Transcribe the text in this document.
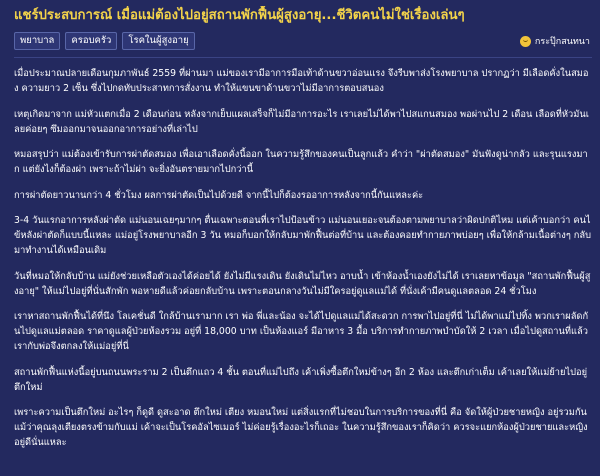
แชร์ประสบการณ์ เมื่อแม่ต้องไปอยู่สถานพักฟื้นผู้สูงอายุ...ชีวิตคนไม่ใช่เรื่องเล่นๆ
พยาบาล	ครอบครัว	โรคในผู้สูงอายุ	กระปุ๊กสนทนา

เมื่อประมาณปลายเดือนกุมภาพันธ์ 2559 ที่ผ่านมา แม่ของเรามีอาการมือเท้าด้านขวาอ่อนแรง จึงรีบพาส่งโรงพยาบาล ปรากฏว่า มีเลือดคั่งในสมอง ความยาว 2 เซ็น ซึ่งไปกดทับประสาทการสั่งงาน ทำให้แขนขาด้านขวาไม่มีอาการตอบสนอง

เหตุเกิดมาจาก แม่หัวแตกเมื่อ 2 เดือนก่อน หลังจากเย็บแผลเสร็จก็ไม่มีอาการอะไร เราเลยไม่ได้พาไปสแกนสมอง พอผ่านไป 2 เดือน เลือดที่หัวมันเลยค่อยๆ ซึมออกมาจนออกอาการอย่างที่เล่าไป

หมอสรุปว่า แม่ต้องเข้ารับการผ่าตัดสมอง เพื่อเอาเลือดคั่งนี้ออก ในความรู้สึกของคนเป็นลูกแล้ว คำว่า "ผ่าตัดสมอง" มันฟังดูน่ากลัว และรุนแรงมาก แต่ยังไงก็ต้องผ่า เพราะถ้าไม่ผ่า จะยิ่งอันตรายมากไปกว่านี้

การผ่าตัดยาวนานกว่า 4 ชั่วโมง ผลการผ่าตัดเป็นไปด้วยดี จากนี้ไปก็ต้องรออาการหลังจากนี้กันแหละค่ะ

3-4 วันแรกอาการหลังผ่าตัด แม่นอนเฉยๆมากๆ ตื่นเฉพาะตอนที่เราไปป้อนข้าว แม่นอนเยอะจนต้องตามพยาบาลว่าผิดปกติไหม แต่เค้าบอกว่า คนไข้หลังผ่าตัดก็แบบนี้แหละ แม่อยู่โรงพยาบาลอีก 3 วัน หมอก็บอกให้กลับมาพักฟื้นต่อที่บ้าน และต้องคอยทำกายภาพบ่อยๆ เพื่อให้กล้ามเนื้อต่างๆ กลับมาทำงานได้เหมือนเดิม

วันที่หมอให้กลับบ้าน แม่ยังช่วยเหลือตัวเองได้ค่อยได้ ยังไม่มีแรงเดิน ยังเดินไม่ไหว อาบน้ำ เข้าห้องน้ำเองยังไม่ได้ เราเลยหาข้อมูล "สถานพักฟื้นผู้สูงอายุ" ให้แม่ไปอยู่ที่นั่นสักพัก พอหายดีแล้วค่อยกลับบ้าน เพราะตอนกลางวันไม่มีใครอยู่ดูแลแม่ได้ ที่นั่งเค้ามีคนดูแลตลอด 24 ชั่วโมง

เราหาสถานพักฟื้นได้ที่นึง โลเคชั่นดี ใกล้บ้านเรามาก เรา พ่อ พี่และน้อง จะได้ไปดูแลแม่ได้สะดวก การพาไปอยู่ที่นี่ ไม่ได้พาแม่ไปทิ้ง พวกเราผลัดกันไปดูแลแม่ตลอด ราคาดูแลผู้ป่วยห้องรวม อยู่ที่ 18,000 บาท เป็นห้องแอร์ มีอาหาร 3 มื้อ บริการทำกายภาพบำบัดให้ 2 เวลา เมื่อไปดูสถานที่แล้ว เรากับพ่อจึงตกลงให้แม่อยู่ที่นี่

สถานพักฟื้นแห่งนี้อยู่บนถนนพระราม 2 เป็นตึกแถว 4 ชั้น ตอนที่แม่ไปถึง เค้าเพิ่งซื้อตึกใหม่ข้างๆ อีก 2 ห้อง และตึกเก่าเต็ม เค้าเลยให้แม่ย้ายไปอยู่ตึกใหม่

เพราะความเป็นตึกใหม่ อะไรๆ ก็ดูดี ดูสะอาด ตึกใหม่ เตียง หมอนใหม่ แต่สิ่งแรกที่ไม่ชอบในการบริการของที่นี่ คือ จัดให้ผู้ป่วยชายหญิง อยู่รวมกัน แม้ว่าคุณลุงเตียงตรงข้ามกับแม่ เค้าจะเป็นโรคอัลไซเมอร์ ไม่ค่อยรู้เรื่องอะไรก็เถอะ ในความรู้สึกของเราก็คิดว่า ควรจะแยกห้องผู้ป่วยชายและหญิงอยู่ดีนั่นแหละ
